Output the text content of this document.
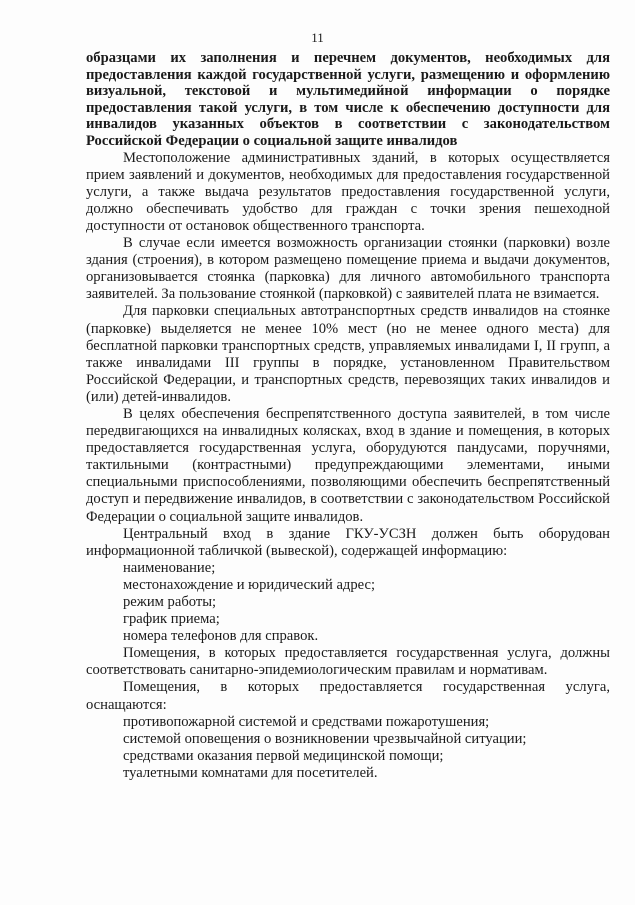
11

образцами их заполнения и перечнем документов, необходимых для предоставления каждой государственной услуги, размещению и оформлению визуальной, текстовой и мультимедийной информации о порядке предоставления такой услуги, в том числе к обеспечению доступности для инвалидов указанных объектов в соответствии с законодательством Российской Федерации о социальной защите инвалидов

Местоположение административных зданий, в которых осуществляется прием заявлений и документов, необходимых для предоставления государственной услуги, а также выдача результатов предоставления государственной услуги, должно обеспечивать удобство для граждан с точки зрения пешеходной доступности от остановок общественного транспорта.

В случае если имеется возможность организации стоянки (парковки) возле здания (строения), в котором размещено помещение приема и выдачи документов, организовывается стоянка (парковка) для личного автомобильного транспорта заявителей. За пользование стоянкой (парковкой) с заявителей плата не взимается.

Для парковки специальных автотранспортных средств инвалидов на стоянке (парковке) выделяется не менее 10% мест (но не менее одного места) для бесплатной парковки транспортных средств, управляемых инвалидами I, II групп, а также инвалидами III группы в порядке, установленном Правительством Российской Федерации, и транспортных средств, перевозящих таких инвалидов и (или) детей-инвалидов.

В целях обеспечения беспрепятственного доступа заявителей, в том числе передвигающихся на инвалидных колясках, вход в здание и помещения, в которых предоставляется государственная услуга, оборудуются пандусами, поручнями, тактильными (контрастными) предупреждающими элементами, иными специальными приспособлениями, позволяющими обеспечить беспрепятственный доступ и передвижение инвалидов, в соответствии с законодательством Российской Федерации о социальной защите инвалидов.

Центральный вход в здание ГКУ-УСЗН должен быть оборудован информационной табличкой (вывеской), содержащей информацию:

наименование;

местонахождение и юридический адрес;

режим работы;

график приема;

номера телефонов для справок.

Помещения, в которых предоставляется государственная услуга, должны соответствовать санитарно-эпидемиологическим правилам и нормативам.

Помещения, в которых предоставляется государственная услуга, оснащаются:

противопожарной системой и средствами пожаротушения;

системой оповещения о возникновении чрезвычайной ситуации;

средствами оказания первой медицинской помощи;

туалетными комнатами для посетителей.
